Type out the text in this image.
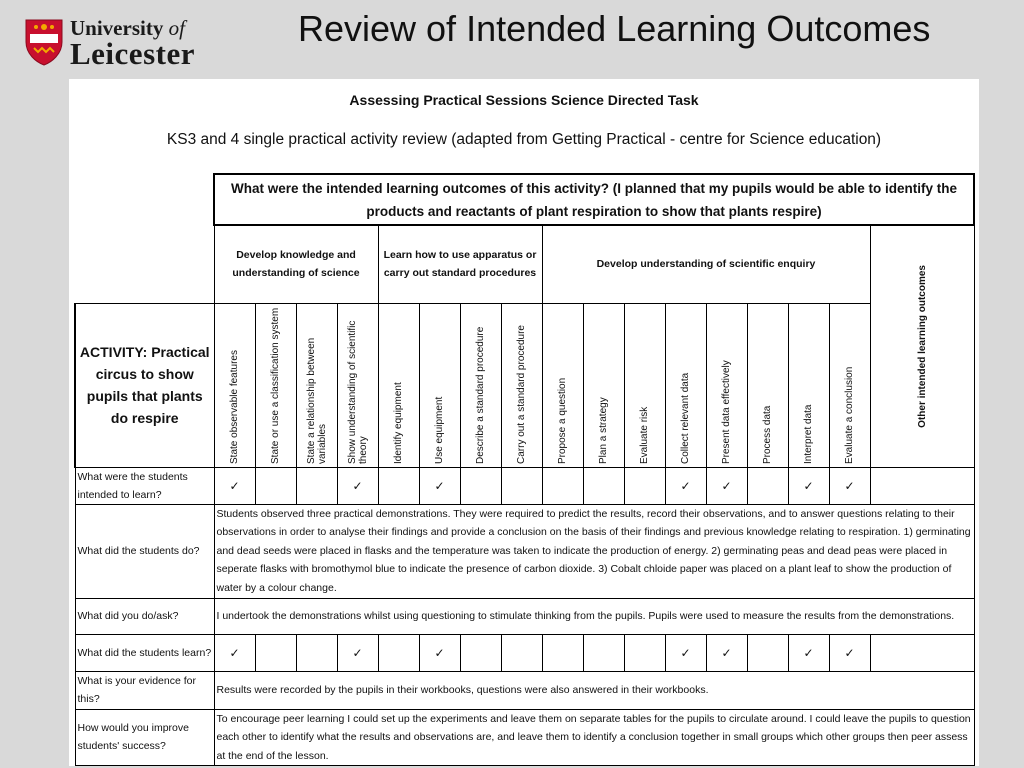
University of
Leicester
Review of Intended Learning Outcomes
Assessing Practical Sessions Science Directed Task
KS3 and 4 single practical activity review (adapted from Getting Practical - centre for Science education)
	What were the intended learning outcomes of this activity? (I planned that my pupils would be able to identify the products and reactants of plant respiration to show that plants respire)																
	Develop knowledge and understanding of science				Learn how to use apparatus or carry out standard procedures				Develop understanding of scientific enquiry								Other intended learning outcomes

ACTIVITY: Practical circus to show pupils that plants do respire	State observable features	State or use a classification system	State a relationship between variables	Show understanding of scientific theory	Identify equipment	Use equipment	Describe a standard procedure	Carry out a standard procedure	Propose a question	Plan a strategy	Evaluate risk	Collect relevant data	Present data effectively	Process data	Interpret data	Evaluate a conclusion	

What were the students intended to learn?	✓			✓		✓						✓	✓		✓	✓	
What did the students do?	Students observed three practical demonstrations. They were required to predict the results, record their observations, and to answer questions relating to their observations in order to analyse their findings and provide a conclusion on the basis of their findings and previous knowledge relating to respiration. 1) germinating and dead seeds were placed in flasks and the temperature was taken to indicate the production of energy. 2) germinating peas and dead peas were placed in seperate flasks with bromothymol blue to indicate the presence of carbon dioxide. 3) Cobalt chloide paper was placed on a plant leaf to show the production of water by a colour change.																
What did you do/ask?	I undertook the demonstrations whilst using questioning to stimulate thinking from the pupils. Pupils were used to measure the results from the demonstrations.																
What did the students learn?	✓			✓		✓						✓	✓		✓	✓	
What is your evidence for this?	Results were recorded by the pupils in their workbooks, questions were also answered in their workbooks.																
How would you improve students' success?	To encourage peer learning I could set up the experiments and leave them on separate tables for the pupils to circulate around. I could leave the pupils to question each other to identify what the results and observations are, and leave them to identify a conclusion together in small groups which other groups then peer assess at the end of the lesson.																
